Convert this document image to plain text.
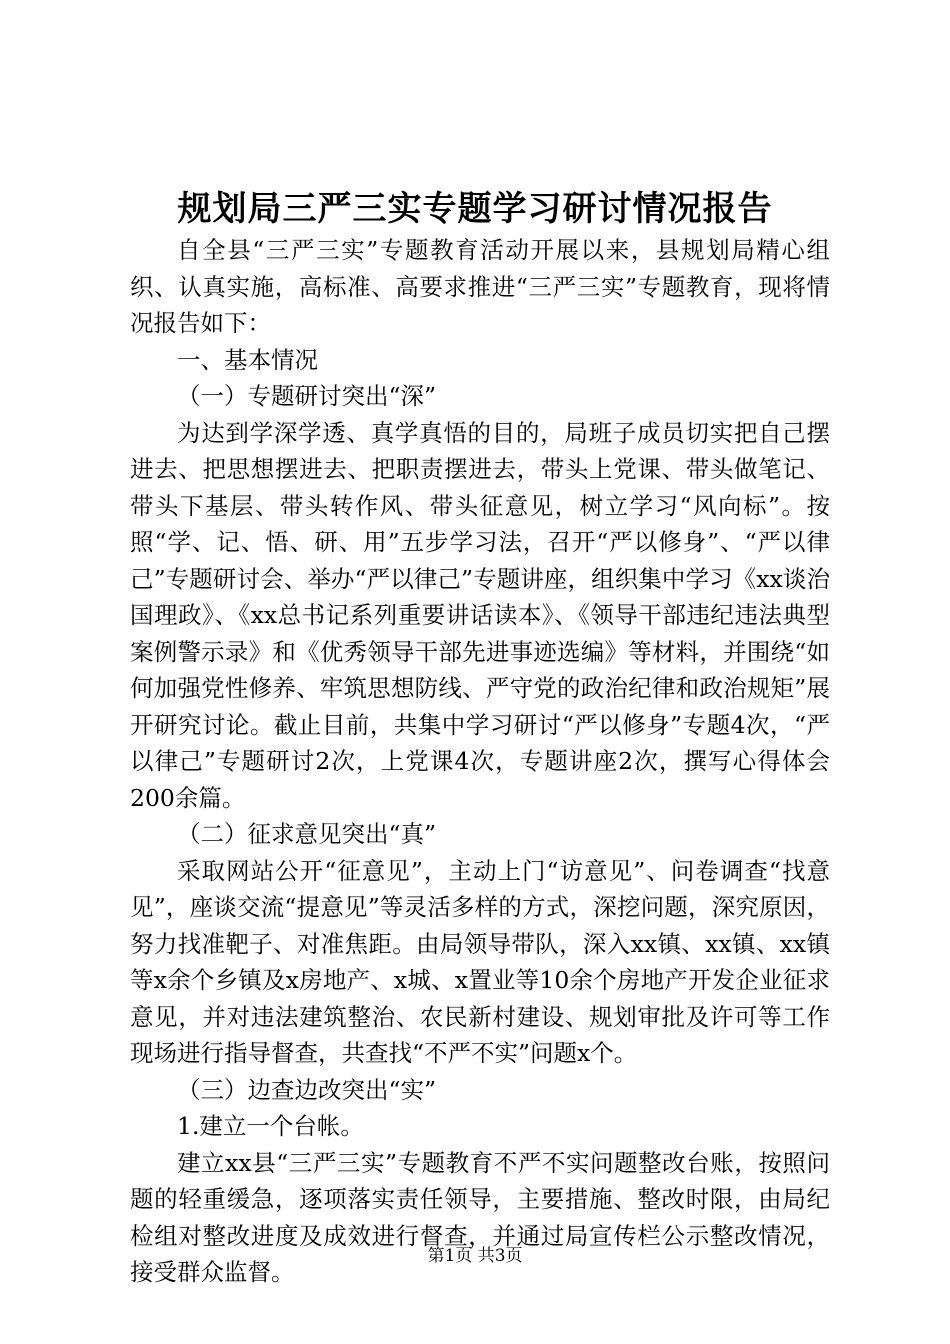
规划局三严三实专题学习研讨情况报告

自全县“三严三实”专题教育活动开展以来，县规划局精心组织、认真实施，高标准、高要求推进“三严三实”专题教育，现将情况报告如下：

一、基本情况

（一）专题研讨突出“深”

为达到学深学透、真学真悟的目的，局班子成员切实把自己摆进去、把思想摆进去、把职责摆进去，带头上党课、带头做笔记、带头下基层、带头转作风、带头征意见，树立学习“风向标”。按照“学、记、悟、研、用”五步学习法，召开“严以修身”、“严以律己”专题研讨会、举办“严以律己”专题讲座，组织集中学习《xx谈治国理政》、《xx总书记系列重要讲话读本》、《领导干部违纪违法典型案例警示录》和《优秀领导干部先进事迹选编》等材料，并围绕“如何加强党性修养、牢筑思想防线、严守党的政治纪律和政治规矩”展开研究讨论。截止目前，共集中学习研讨“严以修身”专题4次，“严以律己”专题研讨2次，上党课4次，专题讲座2次，撰写心得体会200余篇。

（二）征求意见突出“真”

采取网站公开“征意见”，主动上门“访意见”、问卷调查“找意见”，座谈交流“提意见”等灵活多样的方式，深挖问题，深究原因，努力找准靶子、对准焦距。由局领导带队，深入xx镇、xx镇、xx镇等x余个乡镇及x房地产、x城、x置业等10余个房地产开发企业征求意见，并对违法建筑整治、农民新村建设、规划审批及许可等工作现场进行指导督查，共查找“不严不实”问题x个。

（三）边查边改突出“实”

1.建立一个台帐。

建立xx县“三严三实”专题教育不严不实问题整改台账，按照问题的轻重缓急，逐项落实责任领导，主要措施、整改时限，由局纪检组对整改进度及成效进行督查，并通过局宣传栏公示整改情况，接受群众监督。

第1页 共3页
